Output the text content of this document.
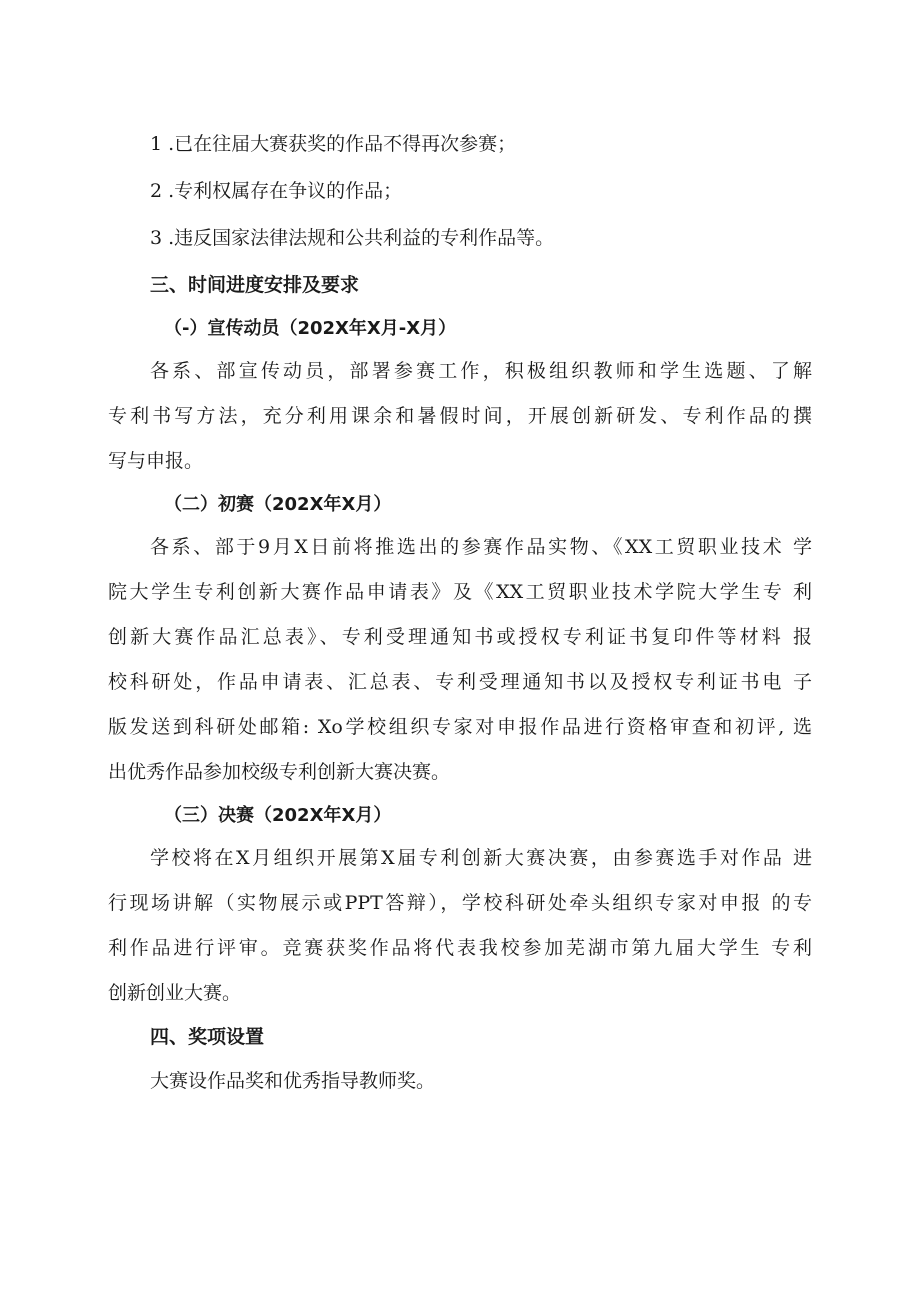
1 .已在往届大赛获奖的作品不得再次参赛；

2 .专利权属存在争议的作品；

3 .违反国家法律法规和公共利益的专利作品等。

三、时间进度安排及要求
（-）宣传动员（202X年X月-X月）

各系、部宣传动员，部署参赛工作，积极组织教师和学生选题、了解

专利书写方法，充分利用课余和暑假时间，开展创新研发、专利作品的撰

写与申报。

（二）初赛（202X年X月）

各系、部于9月X日前将推选出的参赛作品实物、《XX工贸职业技术 学

院大学生专利创新大赛作品申请表》及《XX工贸职业技术学院大学生专 利

创新大赛作品汇总表》、专利受理通知书或授权专利证书复印件等材料 报

校科研处，作品申请表、汇总表、专利受理通知书以及授权专利证书电 子

版发送到科研处邮箱: Xo学校组织专家对申报作品进行资格审查和初评, 选

出优秀作品参加校级专利创新大赛决赛。

（三）决赛（202X年X月）

学校将在X月组织开展第X届专利创新大赛决赛，由参赛选手对作品 进

行现场讲解（实物展示或PPT答辩），学校科研处牵头组织专家对申报 的专

利作品进行评审。竞赛获奖作品将代表我校参加芜湖市第九届大学生 专利

创新创业大赛。

四、奖项设置

大赛设作品奖和优秀指导教师奖。
